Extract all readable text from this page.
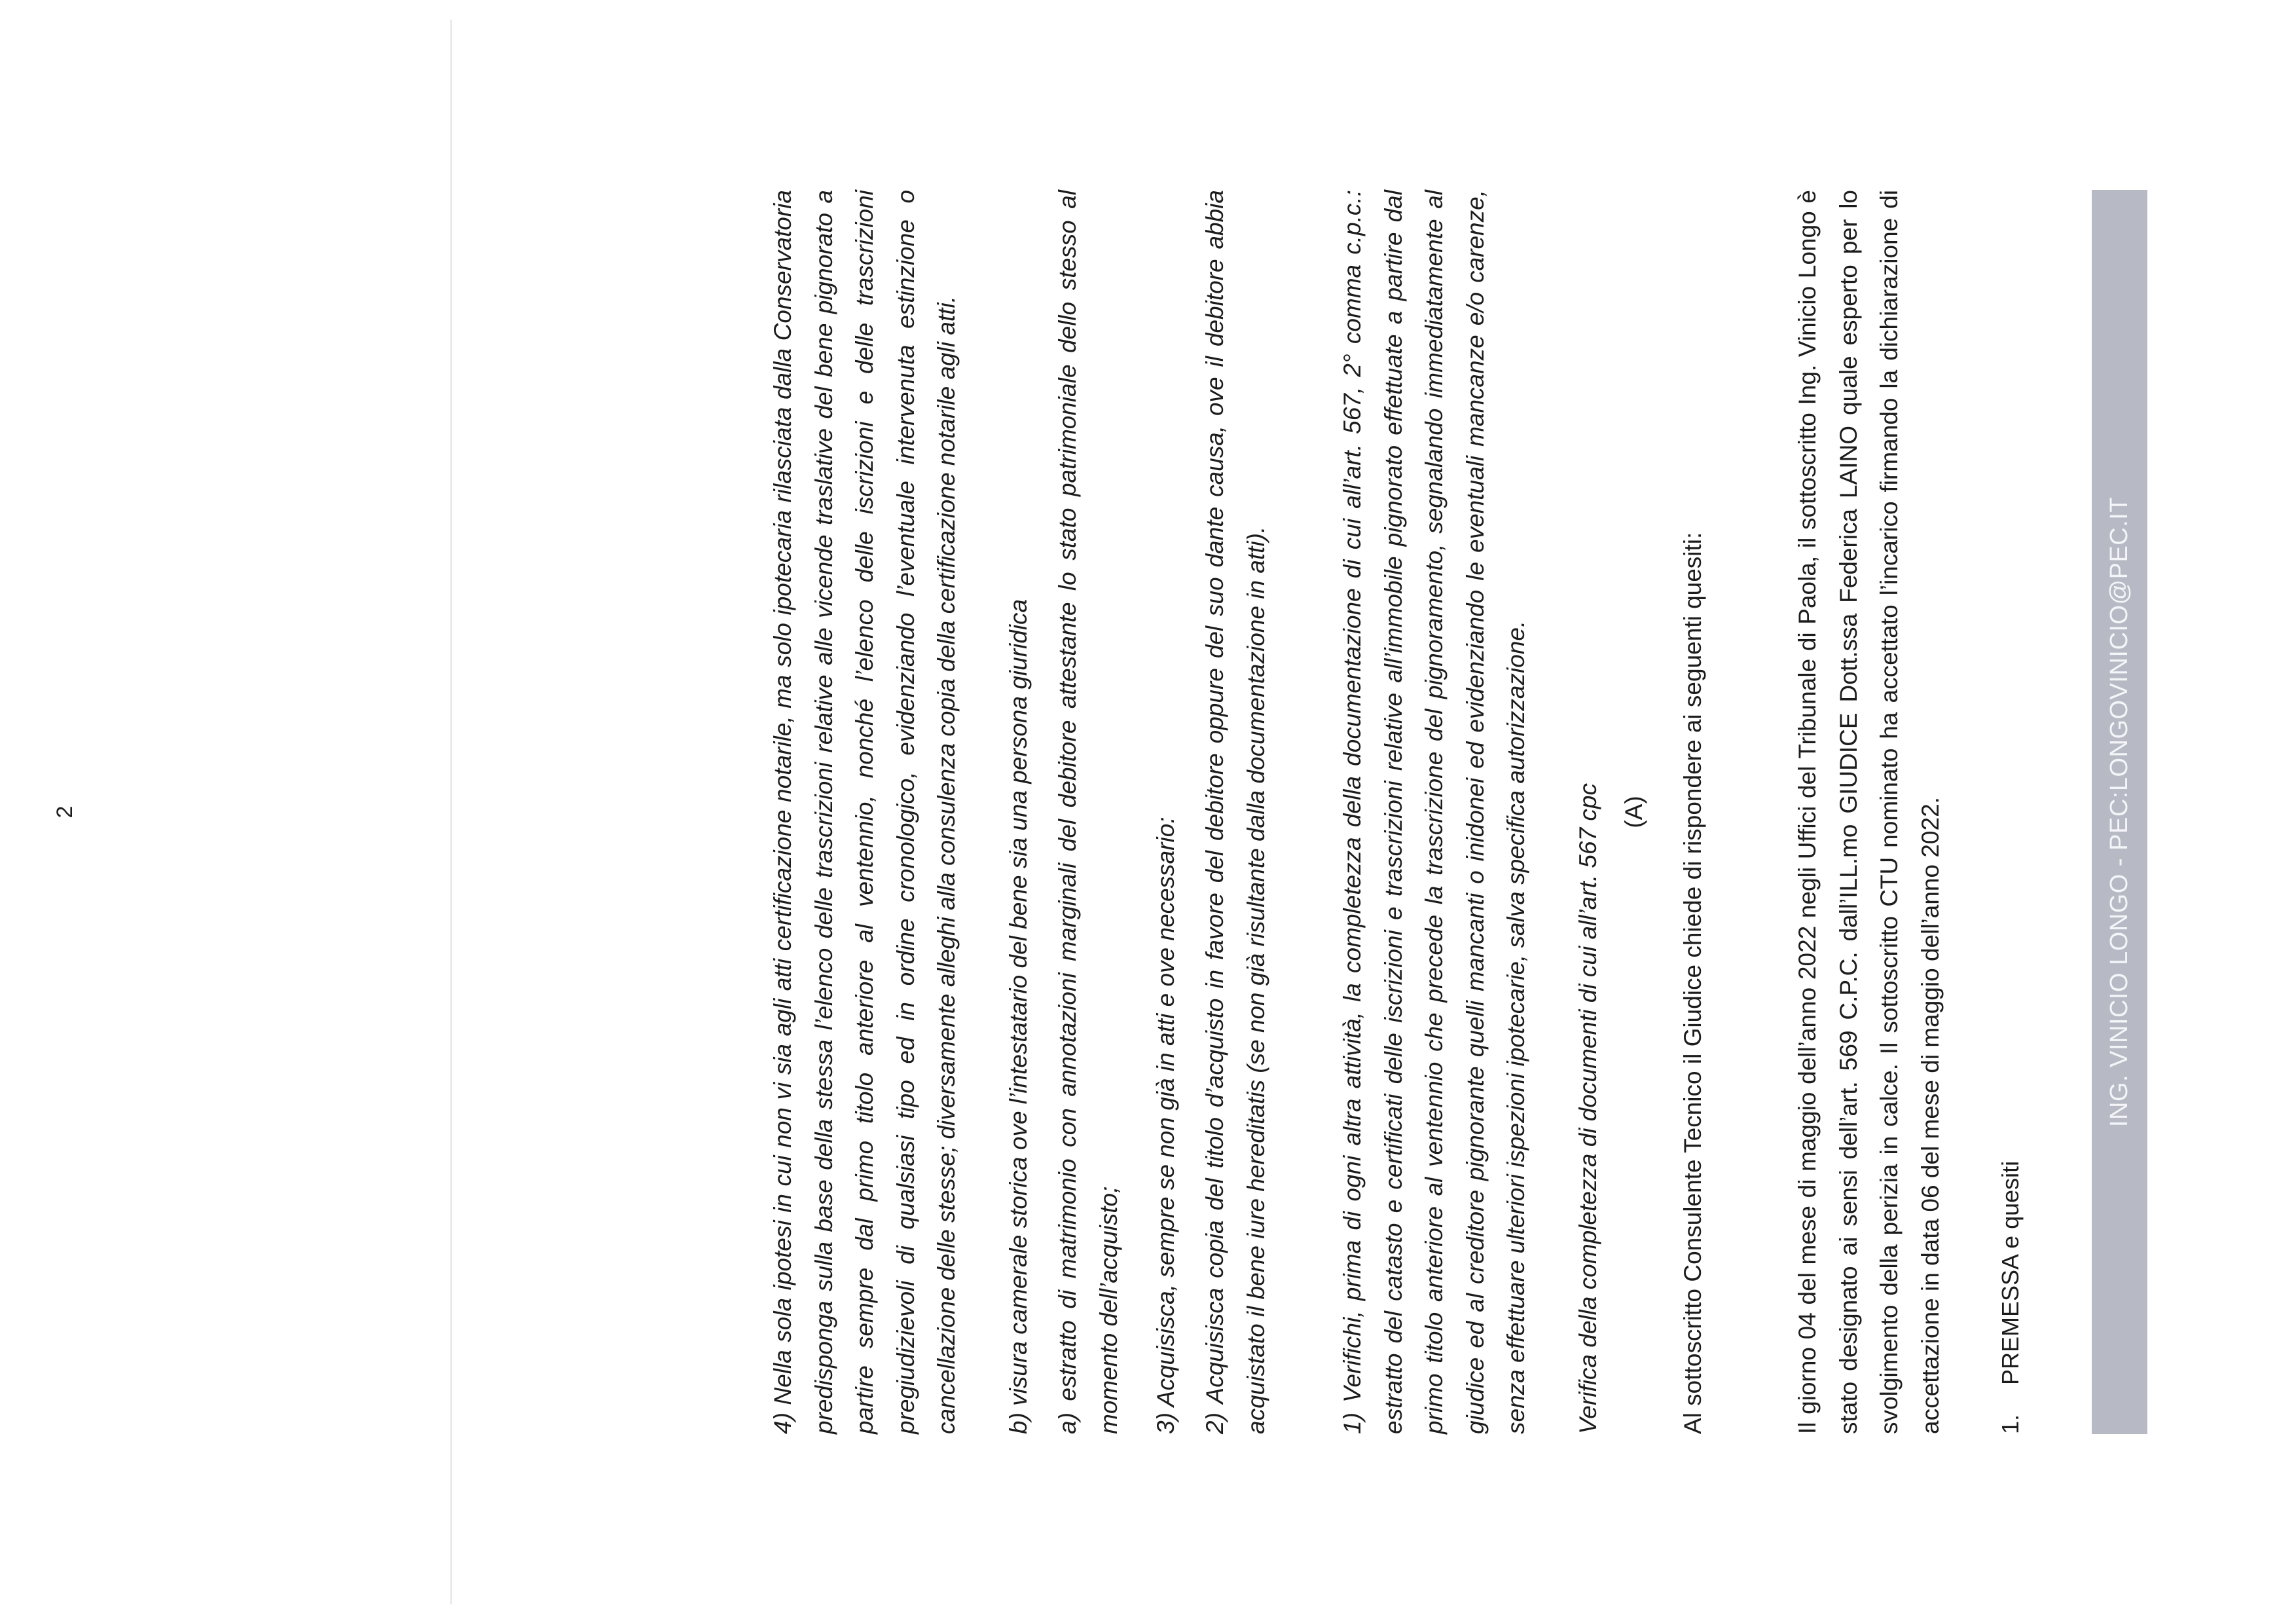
ING. VINICIO LONGO - PEC:LONGOVINICIO@PEC.IT
1.PREMESSA e quesiti
Il giorno 04 del mese di maggio dell’anno 2022 negli Uffici del Tribunale di Paola, il sottoscritto Ing. Vinicio Longo è stato designato ai sensi dell’art. 569 C.P.C. dall’ILL.mo GIUDICE Dott.ssa Federica LAINO quale esperto per lo svolgimento della perizia in calce. Il sottoscritto CTU nominato ha accettato l’incarico firmando la dichiarazione di accettazione in data 06 del mese di maggio dell’anno 2022.
Al sottoscritto Consulente Tecnico il Giudice chiede di rispondere ai seguenti quesiti:
(A)
Verifica della completezza di documenti di cui all’art. 567 cpc
1) Verifichi, prima di ogni altra attività, la completezza della documentazione di cui all’art. 567, 2° comma c.p.c.: estratto del catasto e certificati delle iscrizioni e trascrizioni relative all’immobile pignorato effettuate a partire dal primo titolo anteriore al ventennio che precede la trascrizione del pignoramento, segnalando immediatamente al giudice ed al creditore pignorante quelli mancanti o inidonei ed evidenziando le eventuali mancanze e/o carenze, senza effettuare ulteriori ispezioni ipotecarie, salva specifica autorizzazione.
2) Acquisisca copia del titolo d’acquisto in favore del debitore oppure del suo dante causa, ove il debitore abbia acquistato il bene iure hereditatis (se non già risultante dalla documentazione in atti).
3) Acquisisca, sempre se non già in atti e ove necessario:
a) estratto di matrimonio con annotazioni marginali del debitore attestante lo stato patrimoniale dello stesso al momento dell’acquisto;
b) visura camerale storica ove l’intestatario del bene sia una persona giuridica
4) Nella sola ipotesi in cui non vi sia agli atti certificazione notarile, ma solo ipotecaria rilasciata dalla Conservatoria predisponga sulla base della stessa l’elenco delle trascrizioni relative alle vicende traslative del bene pignorato a partire sempre dal primo titolo anteriore al ventennio, nonché l’elenco delle iscrizioni e delle trascrizioni pregiudizievoli di qualsiasi tipo ed in ordine cronologico, evidenziando l’eventuale intervenuta estinzione o cancellazione delle stesse; diversamente alleghi alla consulenza copia della certificazione notarile agli atti.
2
